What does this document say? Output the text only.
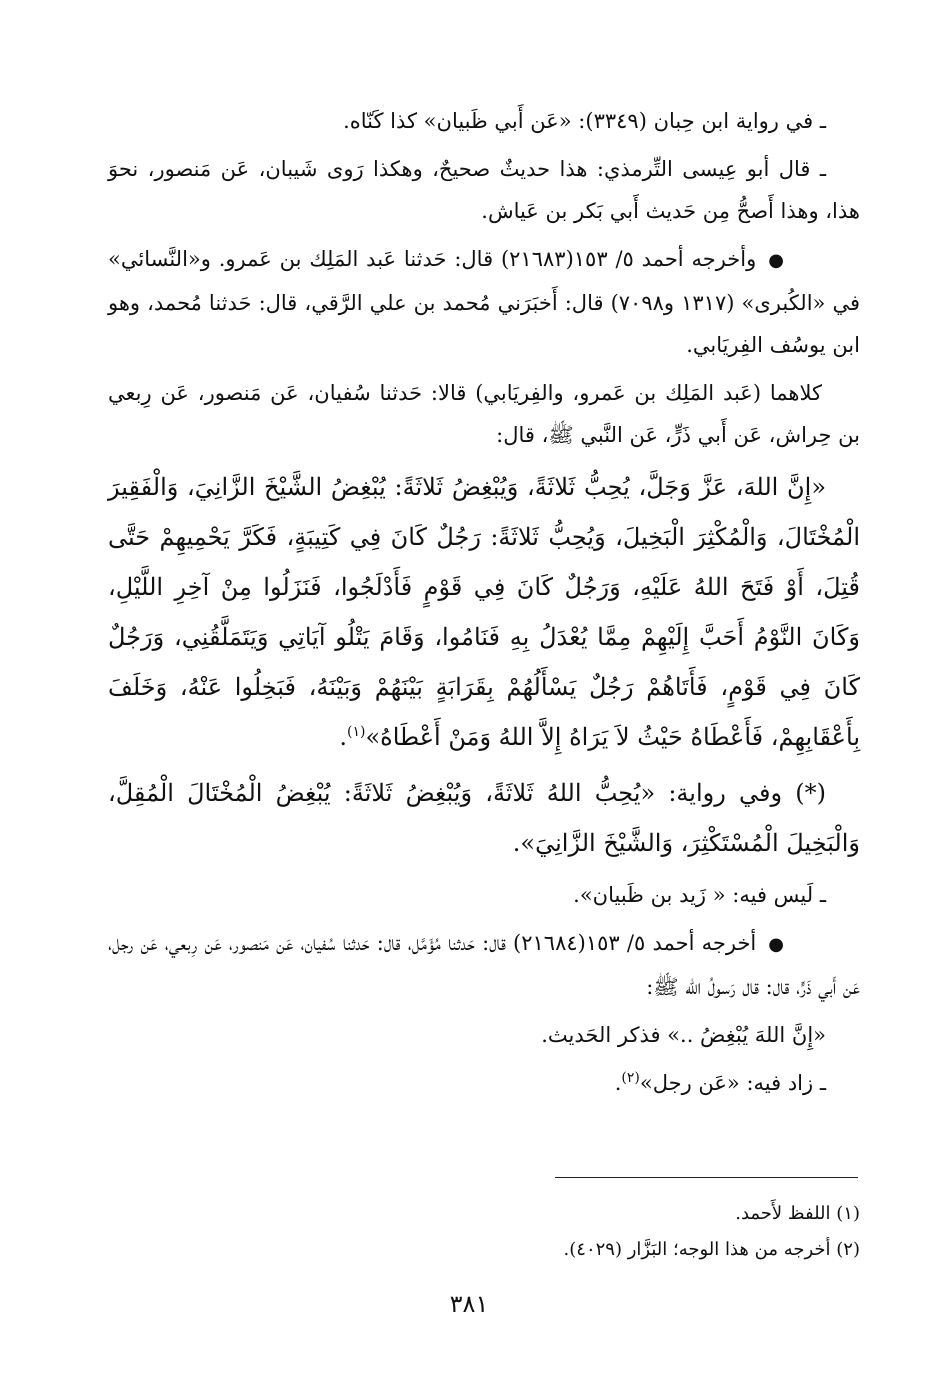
ـ في رواية ابن حِبان (٣٣٤٩): «عَن أَبي ظَبيان» كذا كَنّاه.

ـ قال أبو عِيسى التِّرمذي: هذا حديثٌ صحيحٌ، وهكذا رَوى شَيبان، عَن مَنصور، نحوَ هذا، وهذا أَصحُّ مِن حَديث أَبي بَكر بن عَياش.

●وأخرجه أحمد ٥/ ١٥٣(٢١٦٨٣) قال: حَدثنا عَبد المَلِك بن عَمرو. و«النَّسائي» في «الكُبرى» (١٣١٧ و٧٠٩٨) قال: أَخبَرَني مُحمد بن علي الرَّقي، قال: حَدثنا مُحمد، وهو ابن يوسُف الفِريَابي.

كلاهما (عَبد المَلِك بن عَمرو، والفِريَابي) قالا: حَدثنا سُفيان، عَن مَنصور، عَن رِبعي بن حِراش، عَن أَبي ذَرٍّ، عَن النَّبي ﷺ، قال:

«إِنَّ اللهَ، عَزَّ وَجَلَّ، يُحِبُّ ثَلاثَةً، وَيُبْغِضُ ثَلاثَةً: يُبْغِضُ الشَّيْخَ الزَّانِيَ، وَالْفَقِيرَ الْمُخْتَالَ، وَالْمُكْثِرَ الْبَخِيلَ، وَيُحِبُّ ثَلاثَةً: رَجُلٌ كَانَ فِي كَتِيبَةٍ، فَكَرَّ يَحْمِيهِمْ حَتَّى قُتِلَ، أَوْ فَتَحَ اللهُ عَلَيْهِ، وَرَجُلٌ كَانَ فِي قَوْمٍ فَأَدْلَجُوا، فَنَزَلُوا مِنْ آخِرِ اللَّيْلِ، وَكَانَ النَّوْمُ أَحَبَّ إِلَيْهِمْ مِمَّا يُعْدَلُ بِهِ فَنَامُوا، وَقَامَ يَتْلُو آيَاتِي وَيَتَمَلَّقُنِي، وَرَجُلٌ كَانَ فِي قَوْمٍ، فَأَتَاهُمْ رَجُلٌ يَسْأَلُهُمْ بِقَرَابَةٍ بَيْنَهُمْ وَبَيْنَهُ، فَبَخِلُوا عَنْهُ، وَخَلَفَ بِأَعْقَابِهِمْ، فَأَعْطَاهُ حَيْثُ لاَ يَرَاهُ إِلاَّ اللهُ وَمَنْ أَعْطَاهُ»$^{(١)}$.

(*) وفي رواية: «يُحِبُّ اللهُ ثَلاثَةً، وَيُبْغِضُ ثَلاثَةً: يُبْغِضُ الْمُخْتَالَ الْمُقِلَّ، وَالْبَخِيلَ الْمُسْتَكْثِرَ، وَالشَّيْخَ الزَّانِيَ».

ـ لَيس فيه: « زَيد بن ظَبيان».

●أخرجه أحمد ٥/ ١٥٣(٢١٦٨٤) قال: حَدثنا مُؤَمَّل، قال: حَدثنا سُفيان، عَن مَنصور، عَن رِبعي، عَن رجل، عَن أَبي ذَرٍّ، قال: قال رَسولُ الله ﷺ:

«إِنَّ اللهَ يُبْغِضُ ..» فذكر الحَديث.

ـ زاد فيه: «عَن رجل»$^{(٢)}$.

(١) اللفظ لأَحمد.

(٢) أخرجه من هذا الوجه؛ البَزَّار (٤٠٢٩).

٣٨١
